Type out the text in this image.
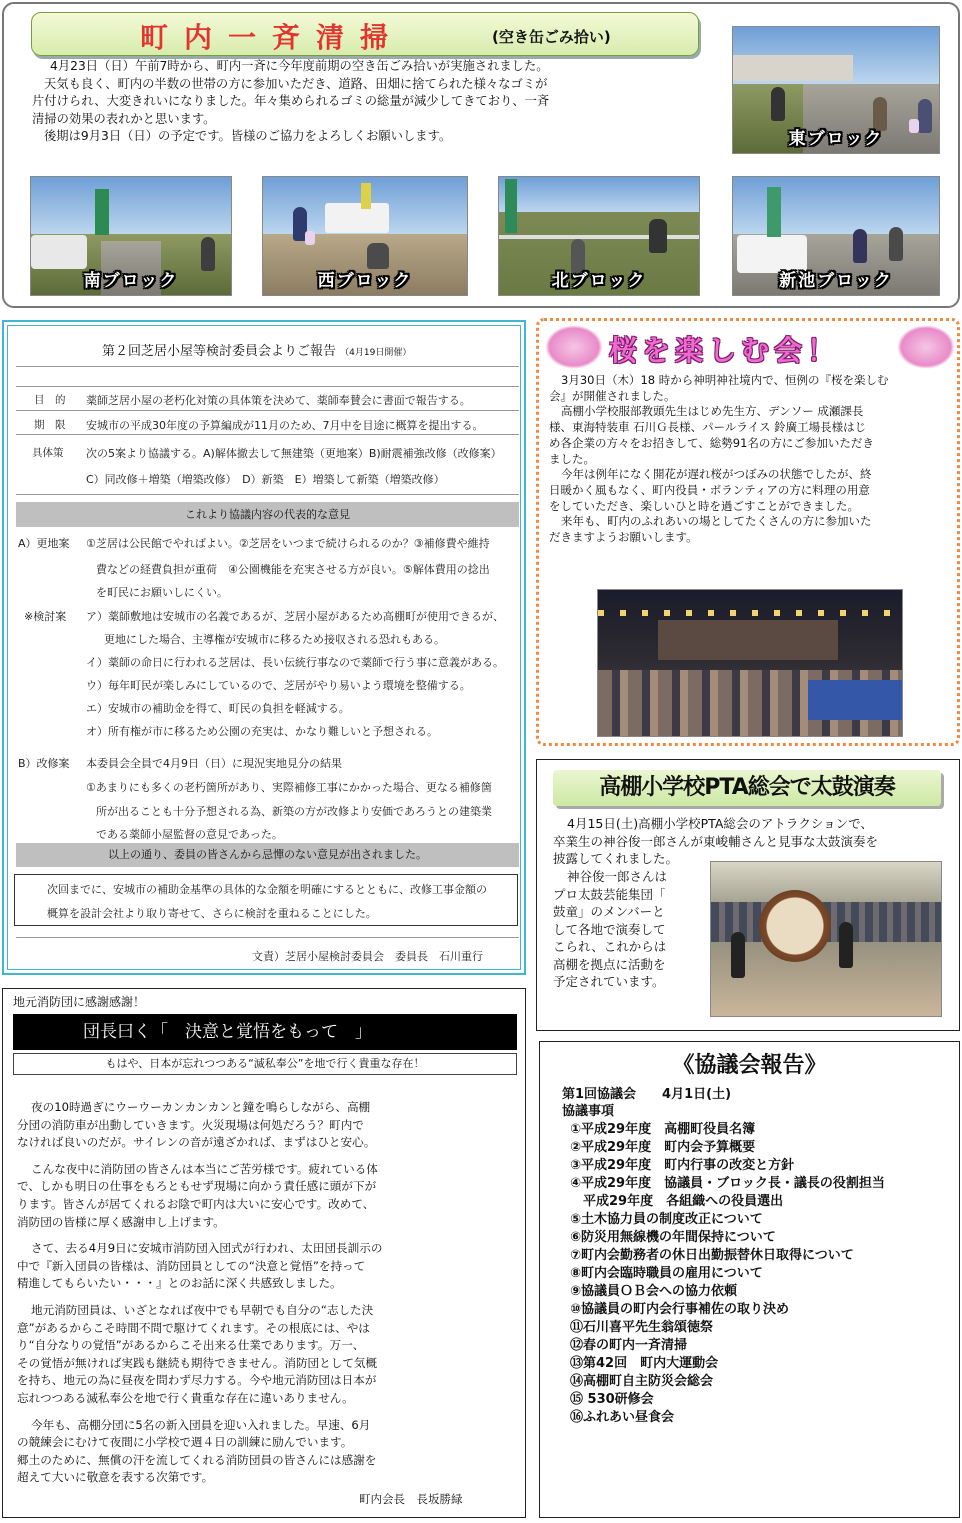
町内一斉清掃	(空き缶ごみ拾い)
4月23日（日）午前7時から、町内一斉に今年度前期の空き缶ごみ拾いが実施されました。
天気も良く、町内の半数の世帯の方に参加いただき、道路、田畑に捨てられた様々なゴミが
片付けられ、大変きれいになりました。年々集められるゴミの総量が減少してきており、一斉
清掃の効果の表れかと思います。
後期は9月3日（日）の予定です。皆様のご協力をよろしくお願いします。	東ブロック
南ブロック	西ブロック	北ブロック	新池ブロック
第２回芝居小屋等検討委員会よりご報告 （4月19日開催）
目　的 薬師芝居小屋の老朽化対策の具体策を決めて、薬師奉賛会に書面で報告する。
期　限 安城市の平成30年度の予算編成が11月のため、7月中を目途に概算を提出する。
具体策 次の5案より協議する。A)解体撤去して無建築（更地案）B)耐震補強改修（改修案）
C）同改修＋増築（増築改修）　D）新築　E）増築して新築（増築改修）
これより協議内容の代表的な意見
A）更地案 ①芝居は公民館でやればよい。②芝居をいつまで続けられるのか？③補修費や維持
費などの経費負担が重荷　④公園機能を充実させる方が良い。⑤解体費用の捻出
を町民にお願いしにくい。
※検討案 ア）薬師敷地は安城市の名義であるが、芝居小屋があるため高棚町が使用できるが、
更地にした場合、主導権が安城市に移るため接収される恐れもある。
イ）薬師の命日に行われる芝居は、長い伝統行事なので薬師で行う事に意義がある。
ウ）毎年町民が楽しみにしているので、芝居がやり易いよう環境を整備する。
エ）安城市の補助金を得て、町民の負担を軽減する。
オ）所有権が市に移るため公園の充実は、かなり難しいと予想される。
B）改修案 本委員会全員で4月9日（日）に現況実地見分の結果
①あまりにも多くの老朽箇所があり、実際補修工事にかかった場合、更なる補修箇
所が出ることも十分予想される為、新築の方が改修より安価であろうとの建築業
である薬師小屋監督の意見であった。
以上の通り、委員の皆さんから忌憚のない意見が出されました。
次回までに、安城市の補助金基準の具体的な金額を明確にするとともに、改修工事金額の
概算を設計会社より取り寄せて、さらに検討を重ねることにした。
文責）芝居小屋検討委員会　委員長　石川重行
桜を楽しむ会！
3月30日（木）18 時から神明神社境内で、恒例の『桜を楽しむ
会』が開催されました。
高棚小学校服部教頭先生はじめ先生方、デンソー 成瀬課長
様、東海特装車 石川Ｇ長様、パールライス 鈴廣工場長様はじ
め各企業の方々をお招きして、総勢91名の方にご参加いただき
ました。
今年は例年になく開花が遅れ桜がつぼみの状態でしたが、終
日暖かく風もなく、町内役員・ボランティアの方に料理の用意
をしていただき、楽しいひと時を過ごすことができました。
来年も、町内のふれあいの場としてたくさんの方に参加いた
だきますようお願いします。
高棚小学校PTA総会で太鼓演奏
4月15日(土)高棚小学校PTA総会のアトラクションで、
卒業生の神谷俊一郎さんが東峻輔さんと見事な太鼓演奏を
披露してくれました。
神谷俊一郎さんは
プロ太鼓芸能集団「
鼓童」のメンバーと
して各地で演奏して
こられ、これからは
高棚を拠点に活動を
予定されています。
地元消防団に感謝感謝！
団長曰く「　決意と覚悟をもって　」
もはや、日本が忘れつつある“滅私奉公”を地で行く貴重な存在！
夜の10時過ぎにウーウーカンカンカンと鐘を鳴らしながら、高棚
分団の消防車が出動していきます。火災現場は何処だろう？町内で
なければ良いのだが。サイレンの音が遠ざかれば、まずはひと安心。
こんな夜中に消防団の皆さんは本当にご苦労様です。疲れている体
で、しかも明日の仕事をもろともせず現場に向かう責任感に頭が下が
ります。皆さんが居てくれるお陰で町内は大いに安心です。改めて、
消防団の皆様に厚く感謝申し上げます。
さて、去る4月9日に安城市消防団入団式が行われ、太田団長訓示の
中で『新入団員の皆様は、消防団員としての“決意と覚悟”を持って
精進してもらいたい・・・』とのお話に深く共感致しました。
地元消防団員は、いざとなれば夜中でも早朝でも自分の“志した決
意”があるからこそ時間不問で駆けてくれます。その根底には、やは
り“自分なりの覚悟”があるからこそ出来る仕業であります。万一、
その覚悟が無ければ実践も継続も期待できません。消防団として気概
を持ち、地元の為に昼夜を問わず尽力する。今や地元消防団は日本が
忘れつつある滅私奉公を地で行く貴重な存在に違いありません。
今年も、高棚分団に5名の新入団員を迎い入れました。早速、6月
の競練会にむけて夜間に小学校で週４日の訓練に励んでいます。
郷土のために、無償の汗を流してくれる消防団員の皆さんには感謝を
超えて大いに敬意を表する次第です。
町内会長　長坂勝緑
《協議会報告》
第1回協議会　　4月1日(土)
協議事項
①平成29年度　高棚町役員名簿
②平成29年度　町内会予算概要
③平成29年度　町内行事の改変と方針
④平成29年度　協議員・ブロック長・議長の役割担当
　平成29年度　各組織への役員選出
⑤土木協力員の制度改正について
⑥防災用無線機の年間保持について
⑦町内会勤務者の休日出勤振替休日取得について
⑧町内会臨時職員の雇用について
⑨協議員ＯＢ会への協力依頼
⑩協議員の町内会行事補佐の取り決め
⑪石川喜平先生翁頌徳祭
⑫春の町内一斉清掃
⑬第42回　町内大運動会
⑭高棚町自主防災会総会
⑮ 530研修会
⑯ふれあい昼食会
